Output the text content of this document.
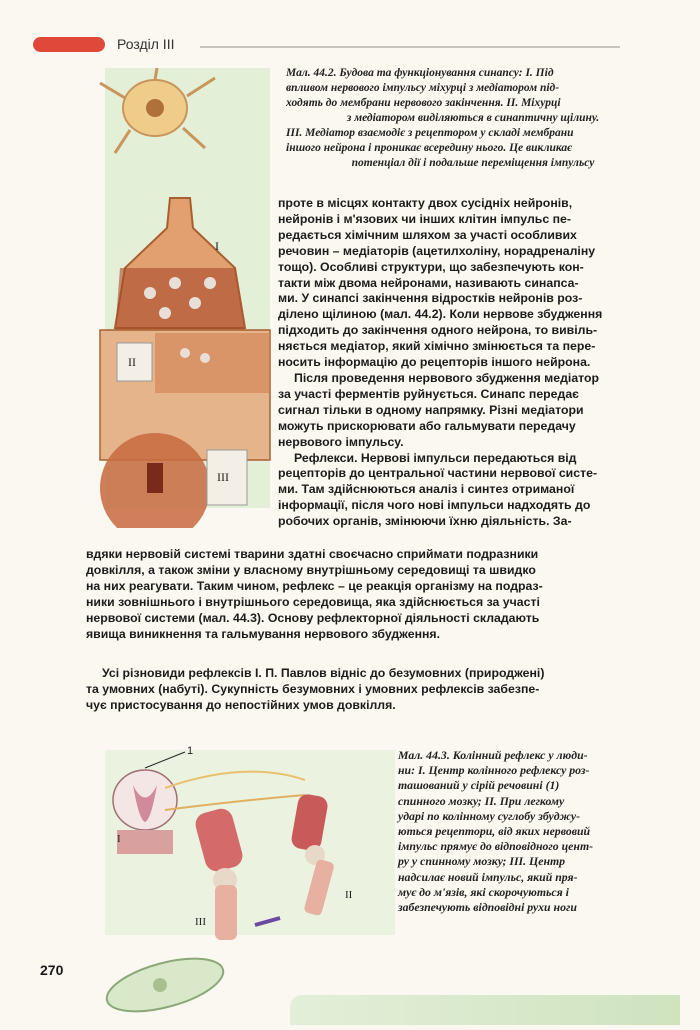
Розділ ІІІ
І
ІІ
ІІІ
Мал. 44.2. Будова та функціонування синапсу: І. Під
впливом нервового імпульсу міхурці з медіатором під-
ходять до мембрани нервового закінчення. ІІ. Міхурці
з медіатором виділяються в синаптичну щілину.
ІІІ. Медіатор взаємодіє з рецептором у складі мембрани
іншого нейрона і проникає всередину нього. Це викликає
потенціал дії і подальше переміщення імпульсу

проте в місцях контакту двох сусідніх нейронів,
нейронів і м'язових чи інших клітин імпульс пе-
редається хімічним шляхом за участі особливих
речовин – медіаторів (ацетилхоліну, норадреналіну
тощо). Особливі структури, що забезпечують кон-
такти між двома нейронами, називають синапса-
ми. У синапсі закінчення відростків нейронів роз-
ділено щілиною (мал. 44.2). Коли нервове збудження
підходить до закінчення одного нейрона, то вивіль-
няється медіатор, який хімічно змінюється та пере-
носить інформацію до рецепторів іншого нейрона.

Після проведення нервового збудження медіатор
за участі ферментів руйнується. Синапс передає
сигнал тільки в одному напрямку. Різні медіатори
можуть прискорювати або гальмувати передачу
нервового імпульсу.

Рефлекси. Нервові імпульси передаються від
рецепторів до центральної частини нервової систе-
ми. Там здійснюються аналіз і синтез отриманої
інформації, після чого нові імпульси надходять до
робочих органів, змінюючи їхню діяльність. За-

вдяки нервовій системі тварини здатні своєчасно сприймати подразники
довкілля, а також зміни у власному внутрішньому середовищі та швидко
на них реагувати. Таким чином, рефлекс – це реакція організму на подраз-
ники зовнішнього і внутрішнього середовища, яка здійснюється за участі
нервової системи (мал. 44.3). Основу рефлекторної діяльності складають
явища виникнення та гальмування нервового збудження.
Усі різновиди рефлексів І. П. Павлов відніс до безумовних (природжені)
та умовних (набуті). Сукупність безумовних і умовних рефлексів забезпе-
чує пристосування до непостійних умов довкілля.
1
І
ІІ
ІІІ
Мал. 44.3. Колінний рефлекс у люди-
ни: І. Центр колінного рефлексу роз-
ташований у сірій речовині (1)
спинного мозку; ІІ. При легкому
ударі по колінному суглобу збуджу-
ються рецептори, від яких нервовий
імпульс прямує до відповідного цент-
ру у спинному мозку; ІІІ. Центр
надсилає новий імпульс, який пря-
мує до м'язів, які скорочуються і
забезпечують відповідні рухи ноги
270
